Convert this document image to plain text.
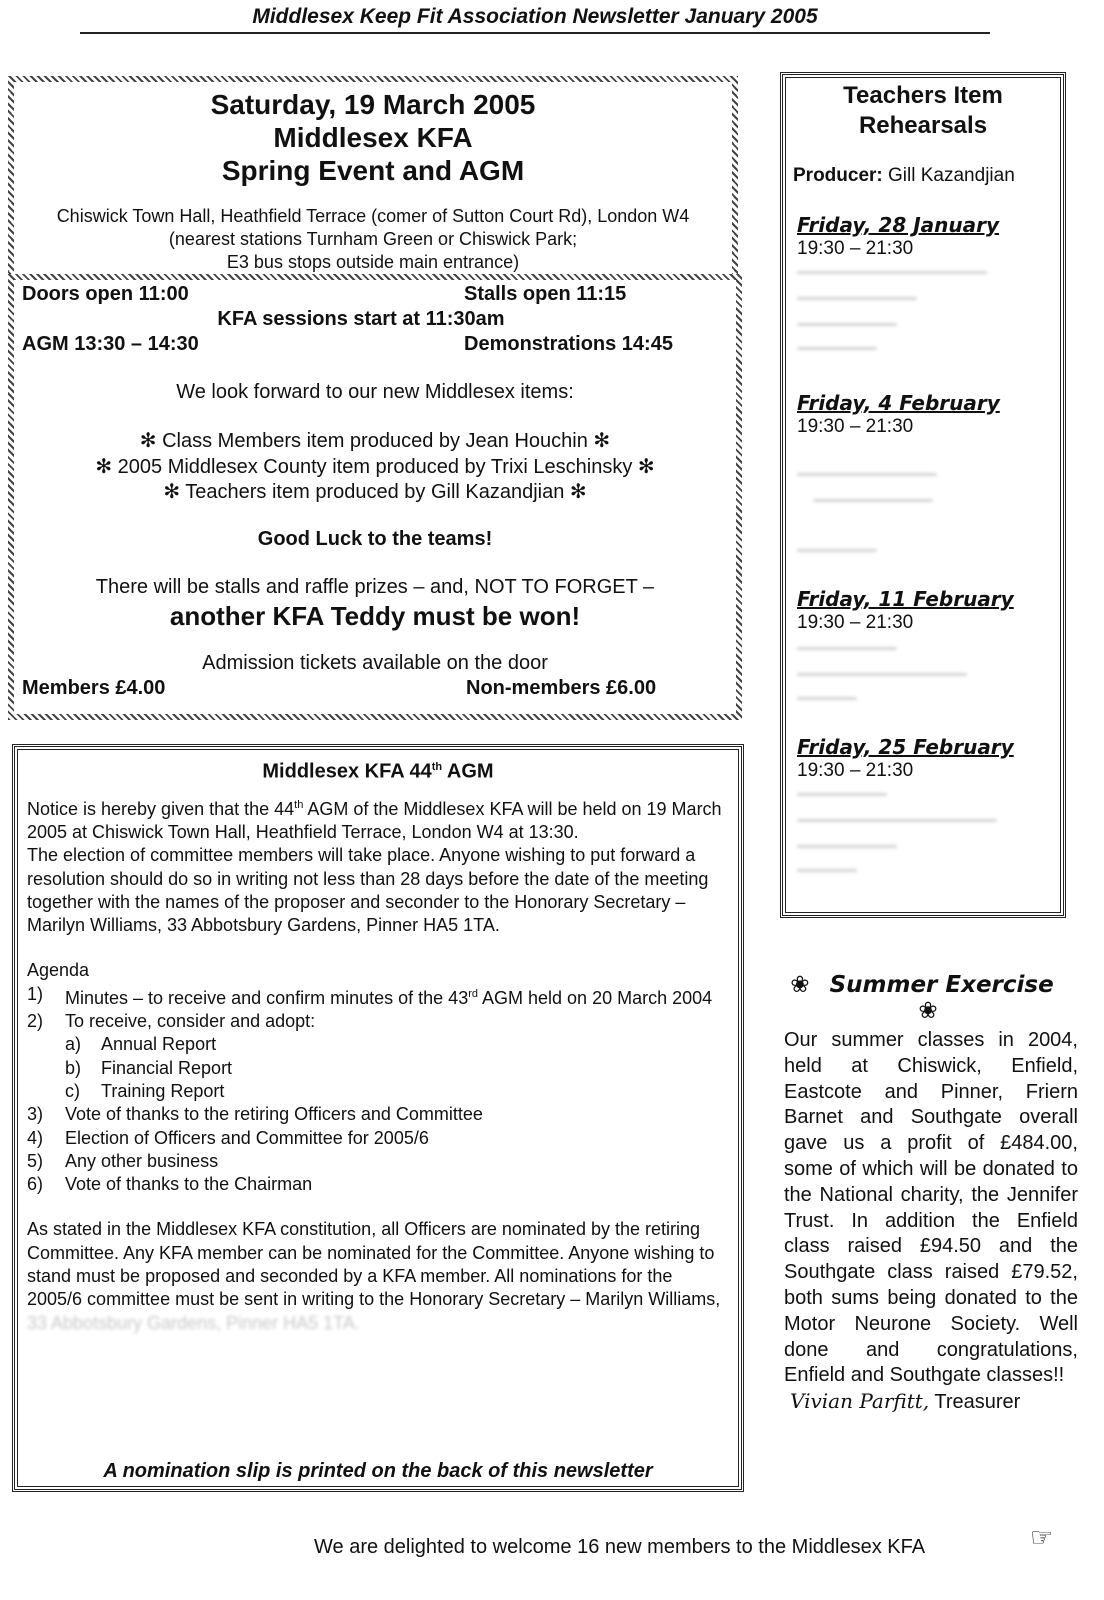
Middlesex Keep Fit Association Newsletter January 2005
Saturday, 19 March 2005
Middlesex KFA
Spring Event and AGM
Chiswick Town Hall, Heathfield Terrace (comer of Sutton Court Rd), London W4
(nearest stations Turnham Green or Chiswick Park;
E3 bus stops outside main entrance)
Doors open 11:00	Stalls open 11:15
KFA sessions start at 11:30am
AGM 13:30 – 14:30	Demonstrations 14:45
We look forward to our new Middlesex items:
✻ Class Members item produced by Jean Houchin ✻
✻ 2005 Middlesex County item produced by Trixi Leschinsky ✻
✻ Teachers item produced by Gill Kazandjian ✻
Good Luck to the teams!
There will be stalls and raffle prizes – and, NOT TO FORGET –
another KFA Teddy must be won!
Admission tickets available on the door
Members £4.00	Non-members £6.00
Middlesex KFA 44th AGM

Notice is hereby given that the 44th AGM of the Middlesex KFA will be held on 19 March 2005 at Chiswick Town Hall, Heathfield Terrace, London W4 at 13:30.

The election of committee members will take place. Anyone wishing to put forward a resolution should do so in writing not less than 28 days before the date of the meeting together with the names of the proposer and seconder to the Honorary Secretary – Marilyn Williams, 33 Abbotsbury Gardens, Pinner HA5 1TA.

Agenda

1)	Minutes – to receive and confirm minutes of the 43rd AGM held on 20 March 2004
2)	To receive, consider and adopt:
a)	Annual Report
b)	Financial Report
c)	Training Report
3)	Vote of thanks to the retiring Officers and Committee
4)	Election of Officers and Committee for 2005/6
5)	Any other business
6)	Vote of thanks to the Chairman

As stated in the Middlesex KFA constitution, all Officers are nominated by the retiring Committee. Any KFA member can be nominated for the Committee. Anyone wishing to stand must be proposed and seconded by a KFA member. All nominations for the 2005/6 committee must be sent in writing to the Honorary Secretary – Marilyn Williams, 33 Abbotsbury Gardens, Pinner HA5 1TA.

A nomination slip is printed on the back of this newsletter
Teachers Item Rehearsals
Producer: Gill Kazandjian
Friday, 28 January
19:30 – 21:30
Friday, 4 February
19:30 – 21:30
Friday, 11 February
19:30 – 21:30
Friday, 25 February
19:30 – 21:30
❀ Summer Exercise ❀
Our summer classes in 2004, held at Chiswick, Enfield, Eastcote and Pinner, Friern Barnet and Southgate overall gave us a profit of £484.00, some of which will be donated to the National charity, the Jennifer Trust. In addition the Enfield class raised £94.50 and the Southgate class raised £79.52, both sums being donated to the Motor Neurone Society. Well done and congratulations, Enfield and Southgate classes!!
Vivian Parfitt, Treasurer
We are delighted to welcome 16 new members to the Middlesex KFA	☞
